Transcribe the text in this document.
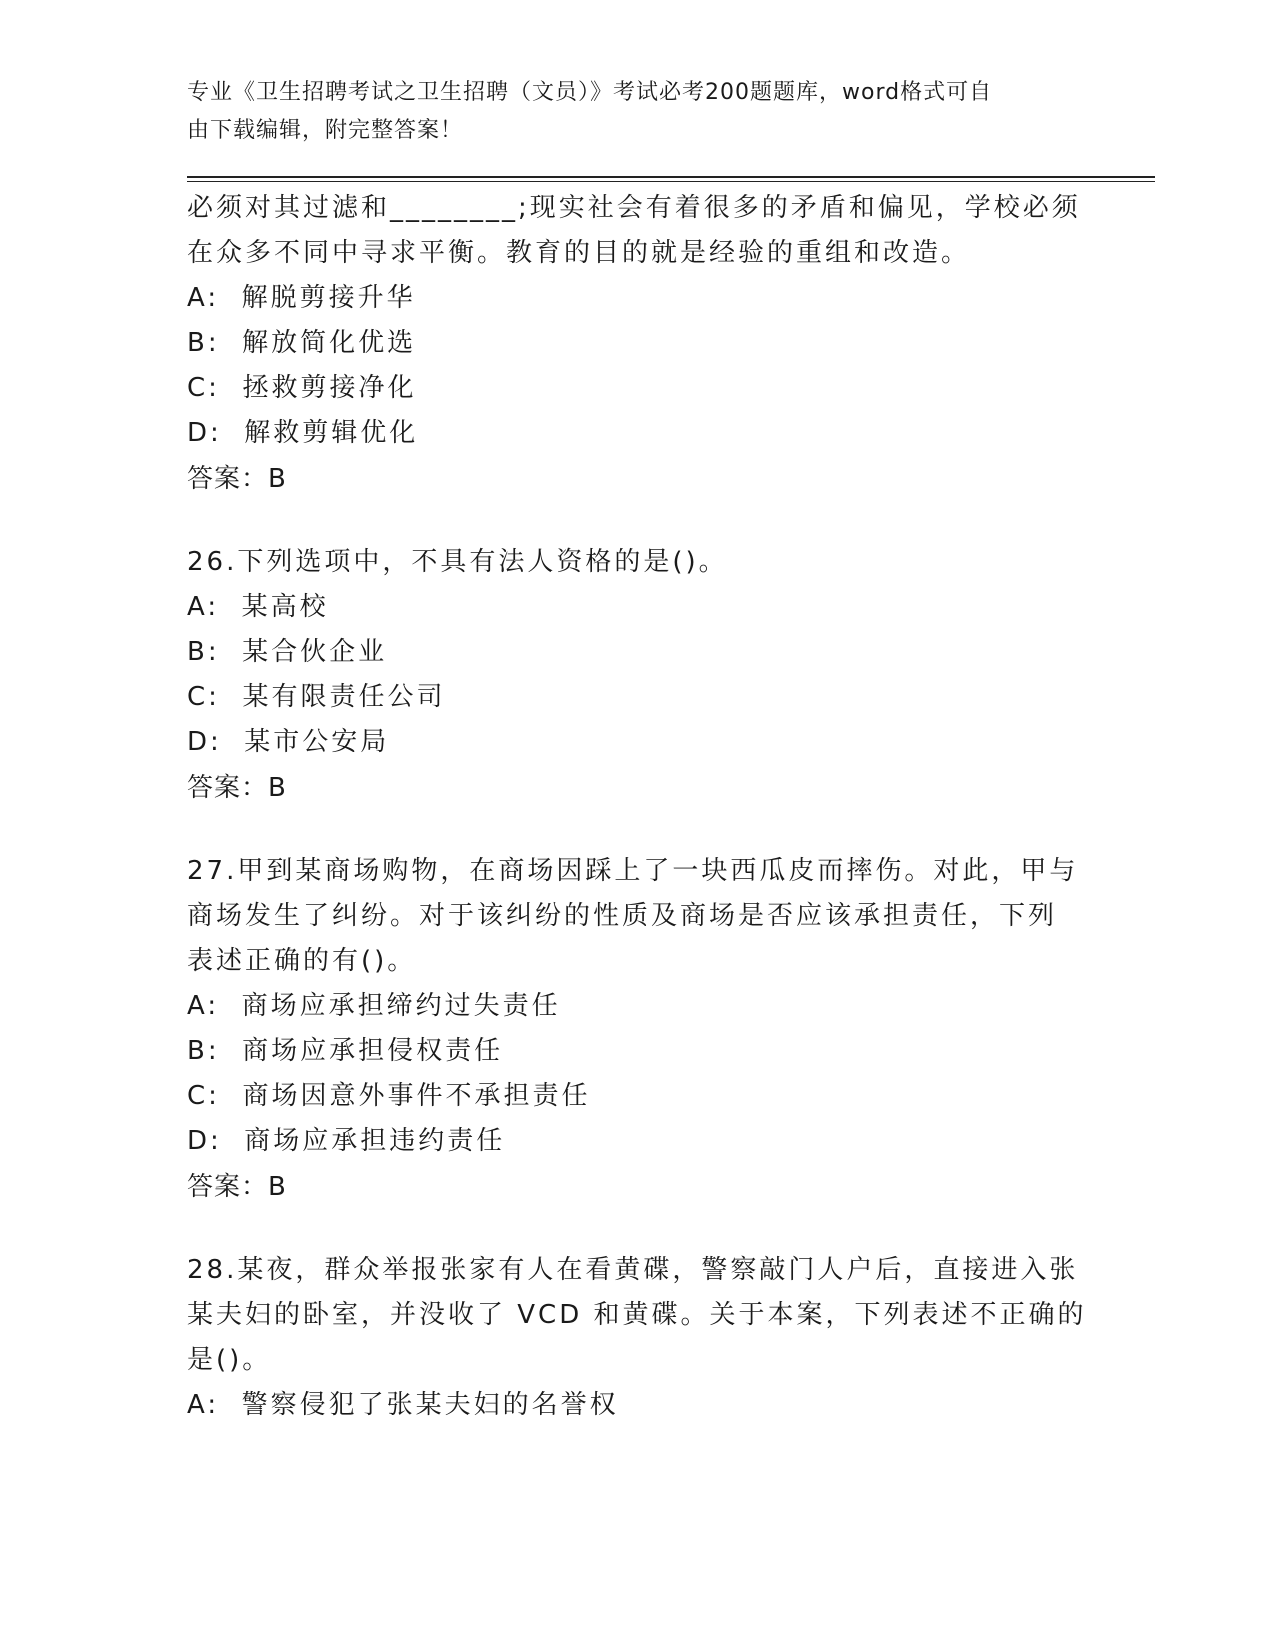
专业《卫生招聘考试之卫生招聘（文员）》考试必考200题题库，word格式可自
由下载编辑，附完整答案！

必须对其过滤和________;现实社会有着很多的矛盾和偏见，学校必须

在众多不同中寻求平衡。教育的目的就是经验的重组和改造。

A:  解脱剪接升华

B:  解放简化优选

C:  拯救剪接净化

D:  解救剪辑优化

答案：B

26.下列选项中，不具有法人资格的是()。

A:  某高校

B:  某合伙企业

C:  某有限责任公司

D:  某市公安局

答案：B

27.甲到某商场购物，在商场因踩上了一块西瓜皮而摔伤。对此，甲与

商场发生了纠纷。对于该纠纷的性质及商场是否应该承担责任，下列

表述正确的有()。

A:  商场应承担缔约过失责任

B:  商场应承担侵权责任

C:  商场因意外事件不承担责任

D:  商场应承担违约责任

答案：B

28.某夜，群众举报张家有人在看黄碟，警察敲门人户后，直接进入张

某夫妇的卧室，并没收了 VCD 和黄碟。关于本案，下列表述不正确的

是()。

A:  警察侵犯了张某夫妇的名誉权
